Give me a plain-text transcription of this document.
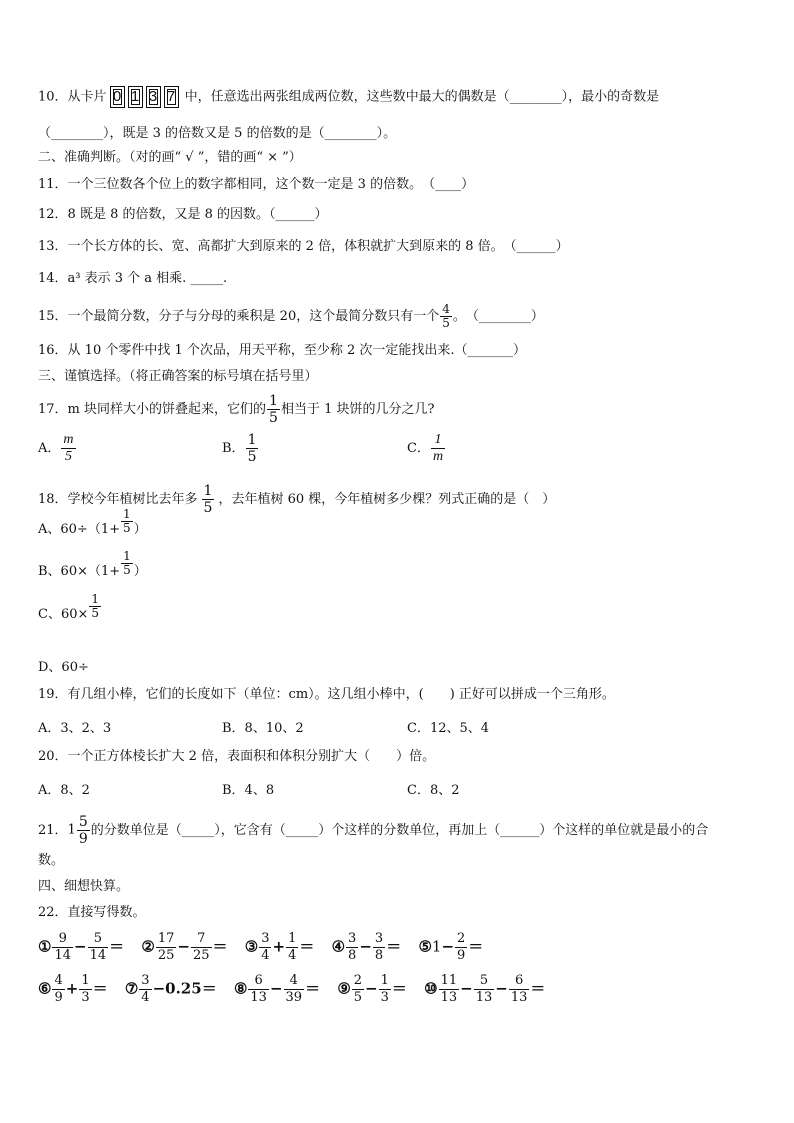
10．从卡片 0 1 3 7 中，任意选出两张组成两位数，这些数中最大的偶数是（________），最小的奇数是
（________），既是 3 的倍数又是 5 的倍数的是（________）。
二、准确判断。（对的画“ √ ”，错的画“ × ”）
11．一个三位数各个位上的数字都相同，这个数一定是 3 的倍数。　（____）
12．8 既是 8 的倍数，又是 8 的因数。（______）
13．一个长方体的长、宽、高都扩大到原来的 2 倍，体积就扩大到原来的 8 倍。　（______）
14．a³ 表示 3 个 a 相乘. _____.
15．一个最简分数，分子与分母的乘积是 20，这个最简分数只有一个 $\frac{4}{5}$ 。　（________）
16．从 10 个零件中找 1 个次品，用天平称，至少称 2 次一定能找出来.（_______）
三、谨慎选择。（将正确答案的标号填在括号里）
17．m 块同样大小的饼叠起来，它们的 $\frac{1}{5}$ 相当于 1 块饼的几分之几?
A． $\frac{m}{5}$	B． $\frac{1}{5}$	C． $\frac{1}{m}$
18．学校今年植树比去年多 $\frac{1}{5}$ ，去年植树 60 棵，今年植树多少棵？列式正确的是（　）
A、$60\div(1+ \frac{1}{5}$ ）
B、$60\times(1+ \frac{1}{5}$ ）
C、$60\times \frac{1}{5}$
D、60÷
19．有几组小棒，它们的长度如下（单位：cm）。这几组小棒中，(　　) 正好可以拼成一个三角形。
A．3、2、3	B．8、10、2	C．12、5、4
20．一个正方体棱长扩大 2 倍，表面积和体积分别扩大（　　）倍。
A．8、2	B．4、8	C．8、2
21．$1 \frac{5}{9}$ 的分数单位是（_____），它含有（_____）个这样的分数单位，再加上（______）个这样的单位就是最小的合
数。
四、细想快算。
22．直接写得数。
① $\frac{9}{14} - \frac{5}{14}$ ＝ ② $\frac{17}{25} - \frac{7}{25}$ ＝ ③ $\frac{3}{4} + \frac{1}{4}$ ＝ ④ $\frac{3}{8} - \frac{3}{8}$ ＝ ⑤1− $\frac{2}{9}$ ＝
⑥ $\frac{4}{9} + \frac{1}{3}$ ＝ ⑦ $\frac{3}{4} -0.25=$ ⑧ $\frac{6}{13} - \frac{4}{39}$ ＝ ⑨ $\frac{2}{5} - \frac{1}{3}$ ＝ ⑩ $\frac{11}{13} - \frac{5}{13} - \frac{6}{13}$ ＝
